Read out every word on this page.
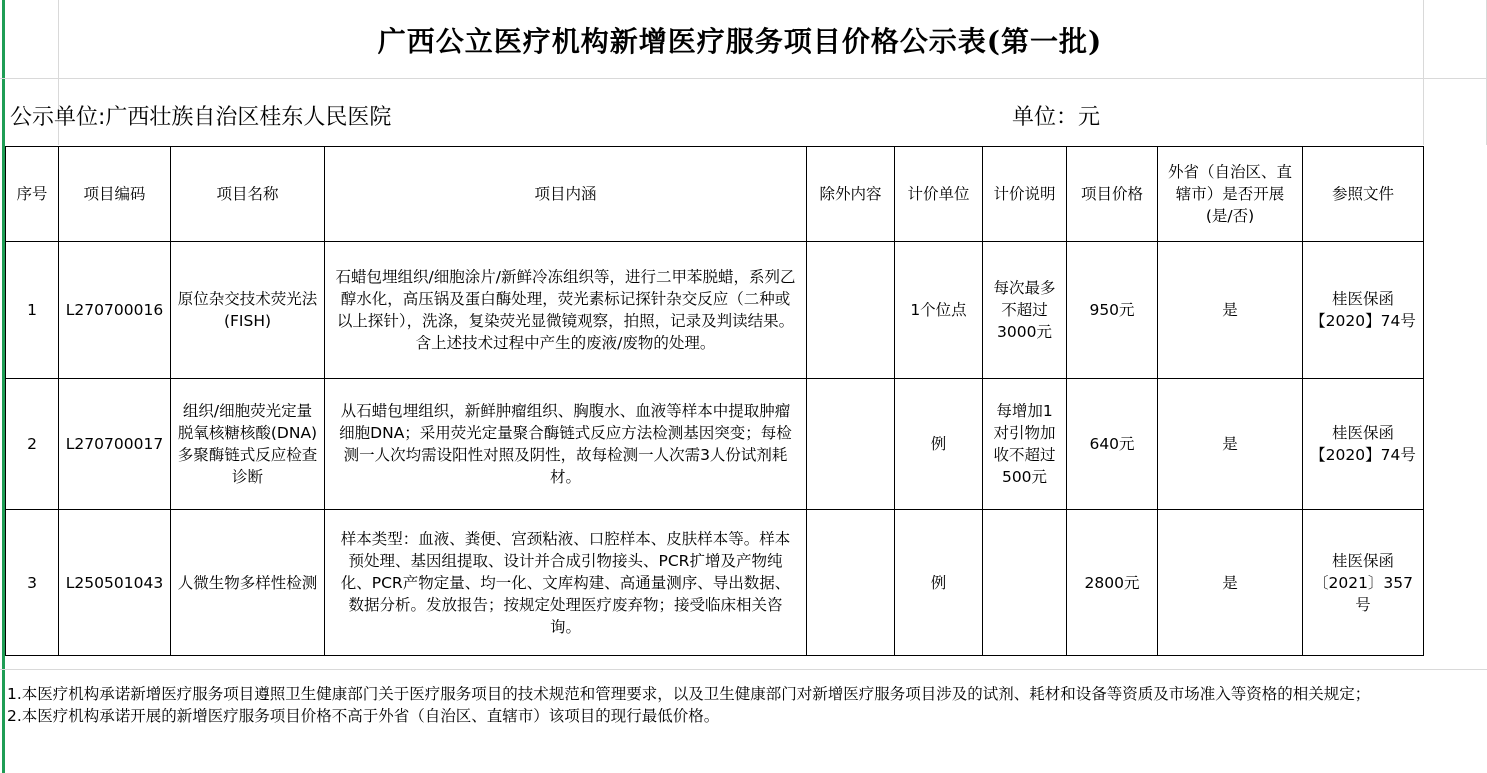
广西公立医疗机构新增医疗服务项目价格公示表(第一批)
公示单位:广西壮族自治区桂东人民医院	单位：元
序号	项目编码	项目名称	项目内涵	除外内容	计价单位	计价说明	项目价格	外省（自治区、直辖市）是否开展(是/否)	参照文件
1	L270700016	原位杂交技术荧光法(FISH)	石蜡包埋组织/细胞涂片/新鲜冷冻组织等，进行二甲苯脱蜡，系列乙醇水化，高压锅及蛋白酶处理，荧光素标记探针杂交反应（二种或以上探针），洗涤，复染荧光显微镜观察，拍照，记录及判读结果。含上述技术过程中产生的废液/废物的处理。		1个位点	每次最多不超过3000元	950元	是	桂医保函【2020】74号
2	L270700017	组织/细胞荧光定量脱氧核糖核酸(DNA)多聚酶链式反应检查诊断	从石蜡包埋组织，新鲜肿瘤组织、胸腹水、血液等样本中提取肿瘤细胞DNA；采用荧光定量聚合酶链式反应方法检测基因突变；每检测一人次均需设阳性对照及阴性，故每检测一人次需3人份试剂耗材。		例	每增加1对引物加收不超过500元	640元	是	桂医保函【2020】74号
3	L250501043	人微生物多样性检测	样本类型：血液、粪便、宫颈粘液、口腔样本、皮肤样本等。样本预处理、基因组提取、设计并合成引物接头、PCR扩增及产物纯化、PCR产物定量、均一化、文库构建、高通量测序、导出数据、数据分析。发放报告；按规定处理医疗废弃物；接受临床相关咨询。		例		2800元	是	桂医保函〔2021〕357号
1.本医疗机构承诺新增医疗服务项目遵照卫生健康部门关于医疗服务项目的技术规范和管理要求，以及卫生健康部门对新增医疗服务项目涉及的试剂、耗材和设备等资质及市场准入等资格的相关规定；
2.本医疗机构承诺开展的新增医疗服务项目价格不高于外省（自治区、直辖市）该项目的现行最低价格。
